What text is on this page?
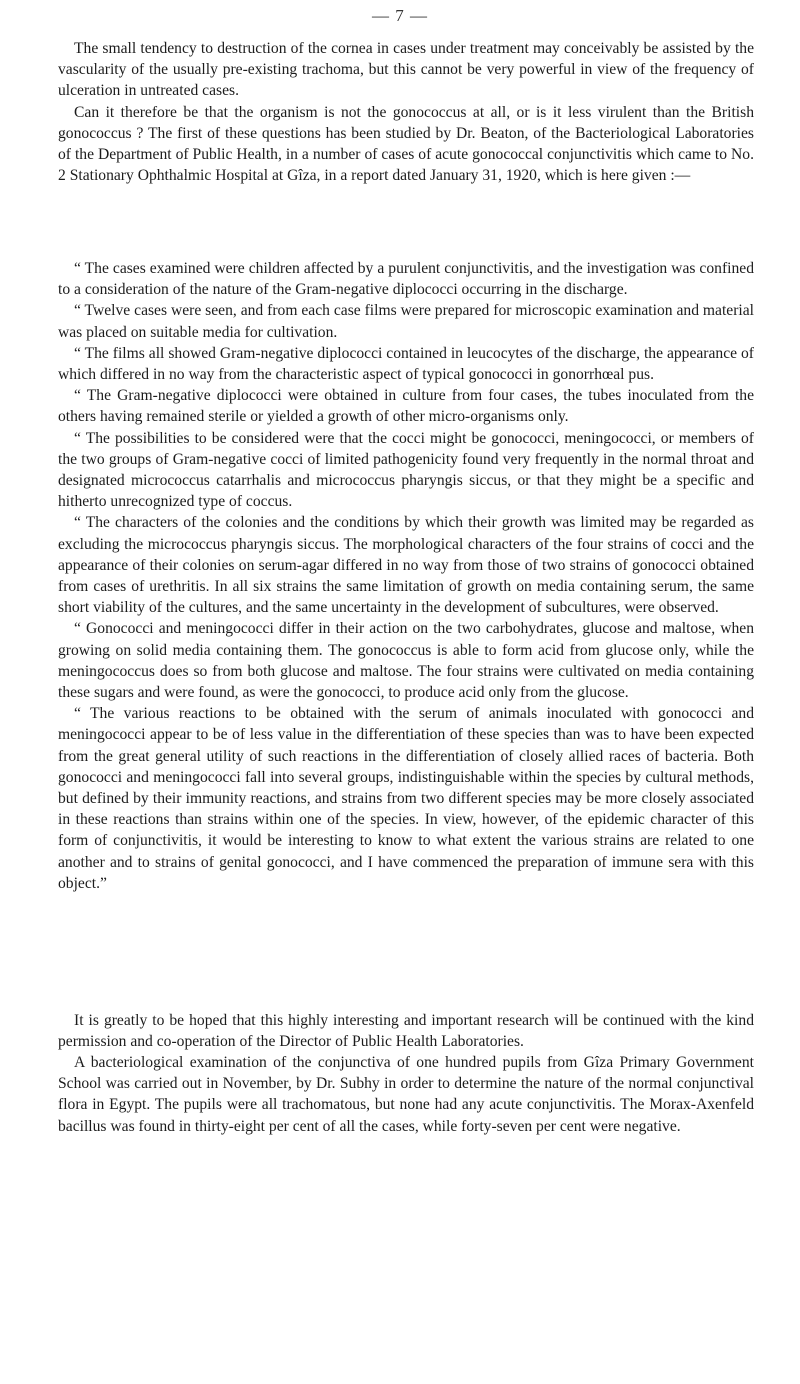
— 7 —

The small tendency to destruction of the cornea in cases under treatment may conceivably be assisted by the vascularity of the usually pre-existing trachoma, but this cannot be very powerful in view of the frequency of ulceration in untreated cases.

Can it therefore be that the organism is not the gonococcus at all, or is it less virulent than the British gonococcus ? The first of these questions has been studied by Dr. Beaton, of the Bacteriological Laboratories of the Department of Public Health, in a number of cases of acute gonococcal conjunctivitis which came to No. 2 Stationary Ophthalmic Hospital at Gîza, in a report dated January 31, 1920, which is here given :—

“ The cases examined were children affected by a purulent conjunctivitis, and the investigation was confined to a consideration of the nature of the Gram-negative diplococci occurring in the discharge.

“ Twelve cases were seen, and from each case films were prepared for microscopic examination and material was placed on suitable media for cultivation.

“ The films all showed Gram-negative diplococci contained in leucocytes of the discharge, the appearance of which differed in no way from the characteristic aspect of typical gonococci in gonorrhœal pus.

“ The Gram-negative diplococci were obtained in culture from four cases, the tubes inoculated from the others having remained sterile or yielded a growth of other micro-organisms only.

“ The possibilities to be considered were that the cocci might be gonococci, meningococci, or members of the two groups of Gram-negative cocci of limited pathogenicity found very frequently in the normal throat and designated micrococcus catarrhalis and micrococcus pharyngis siccus, or that they might be a specific and hitherto unrecognized type of coccus.

“ The characters of the colonies and the conditions by which their growth was limited may be regarded as excluding the micrococcus pharyngis siccus. The morphological characters of the four strains of cocci and the appearance of their colonies on serum-agar differed in no way from those of two strains of gonococci obtained from cases of urethritis. In all six strains the same limitation of growth on media containing serum, the same short viability of the cultures, and the same uncertainty in the development of subcultures, were observed.

“ Gonococci and meningococci differ in their action on the two carbohydrates, glucose and maltose, when growing on solid media containing them. The gonococcus is able to form acid from glucose only, while the meningococcus does so from both glucose and maltose. The four strains were cultivated on media containing these sugars and were found, as were the gonococci, to produce acid only from the glucose.

“ The various reactions to be obtained with the serum of animals inoculated with gonococci and meningococci appear to be of less value in the differentiation of these species than was to have been expected from the great general utility of such reactions in the differentiation of closely allied races of bacteria. Both gonococci and meningococci fall into several groups, indistinguishable within the species by cultural methods, but defined by their immunity reactions, and strains from two different species may be more closely associated in these reactions than strains within one of the species. In view, however, of the epidemic character of this form of conjunctivitis, it would be interesting to know to what extent the various strains are related to one another and to strains of genital gonococci, and I have commenced the preparation of immune sera with this object.”

It is greatly to be hoped that this highly interesting and important research will be continued with the kind permission and co-operation of the Director of Public Health Laboratories.

A bacteriological examination of the conjunctiva of one hundred pupils from Gîza Primary Government School was carried out in November, by Dr. Subhy in order to determine the nature of the normal conjunctival flora in Egypt. The pupils were all trachomatous, but none had any acute conjunctivitis. The Morax-Axenfeld bacillus was found in thirty-eight per cent of all the cases, while forty-seven per cent were negative.
